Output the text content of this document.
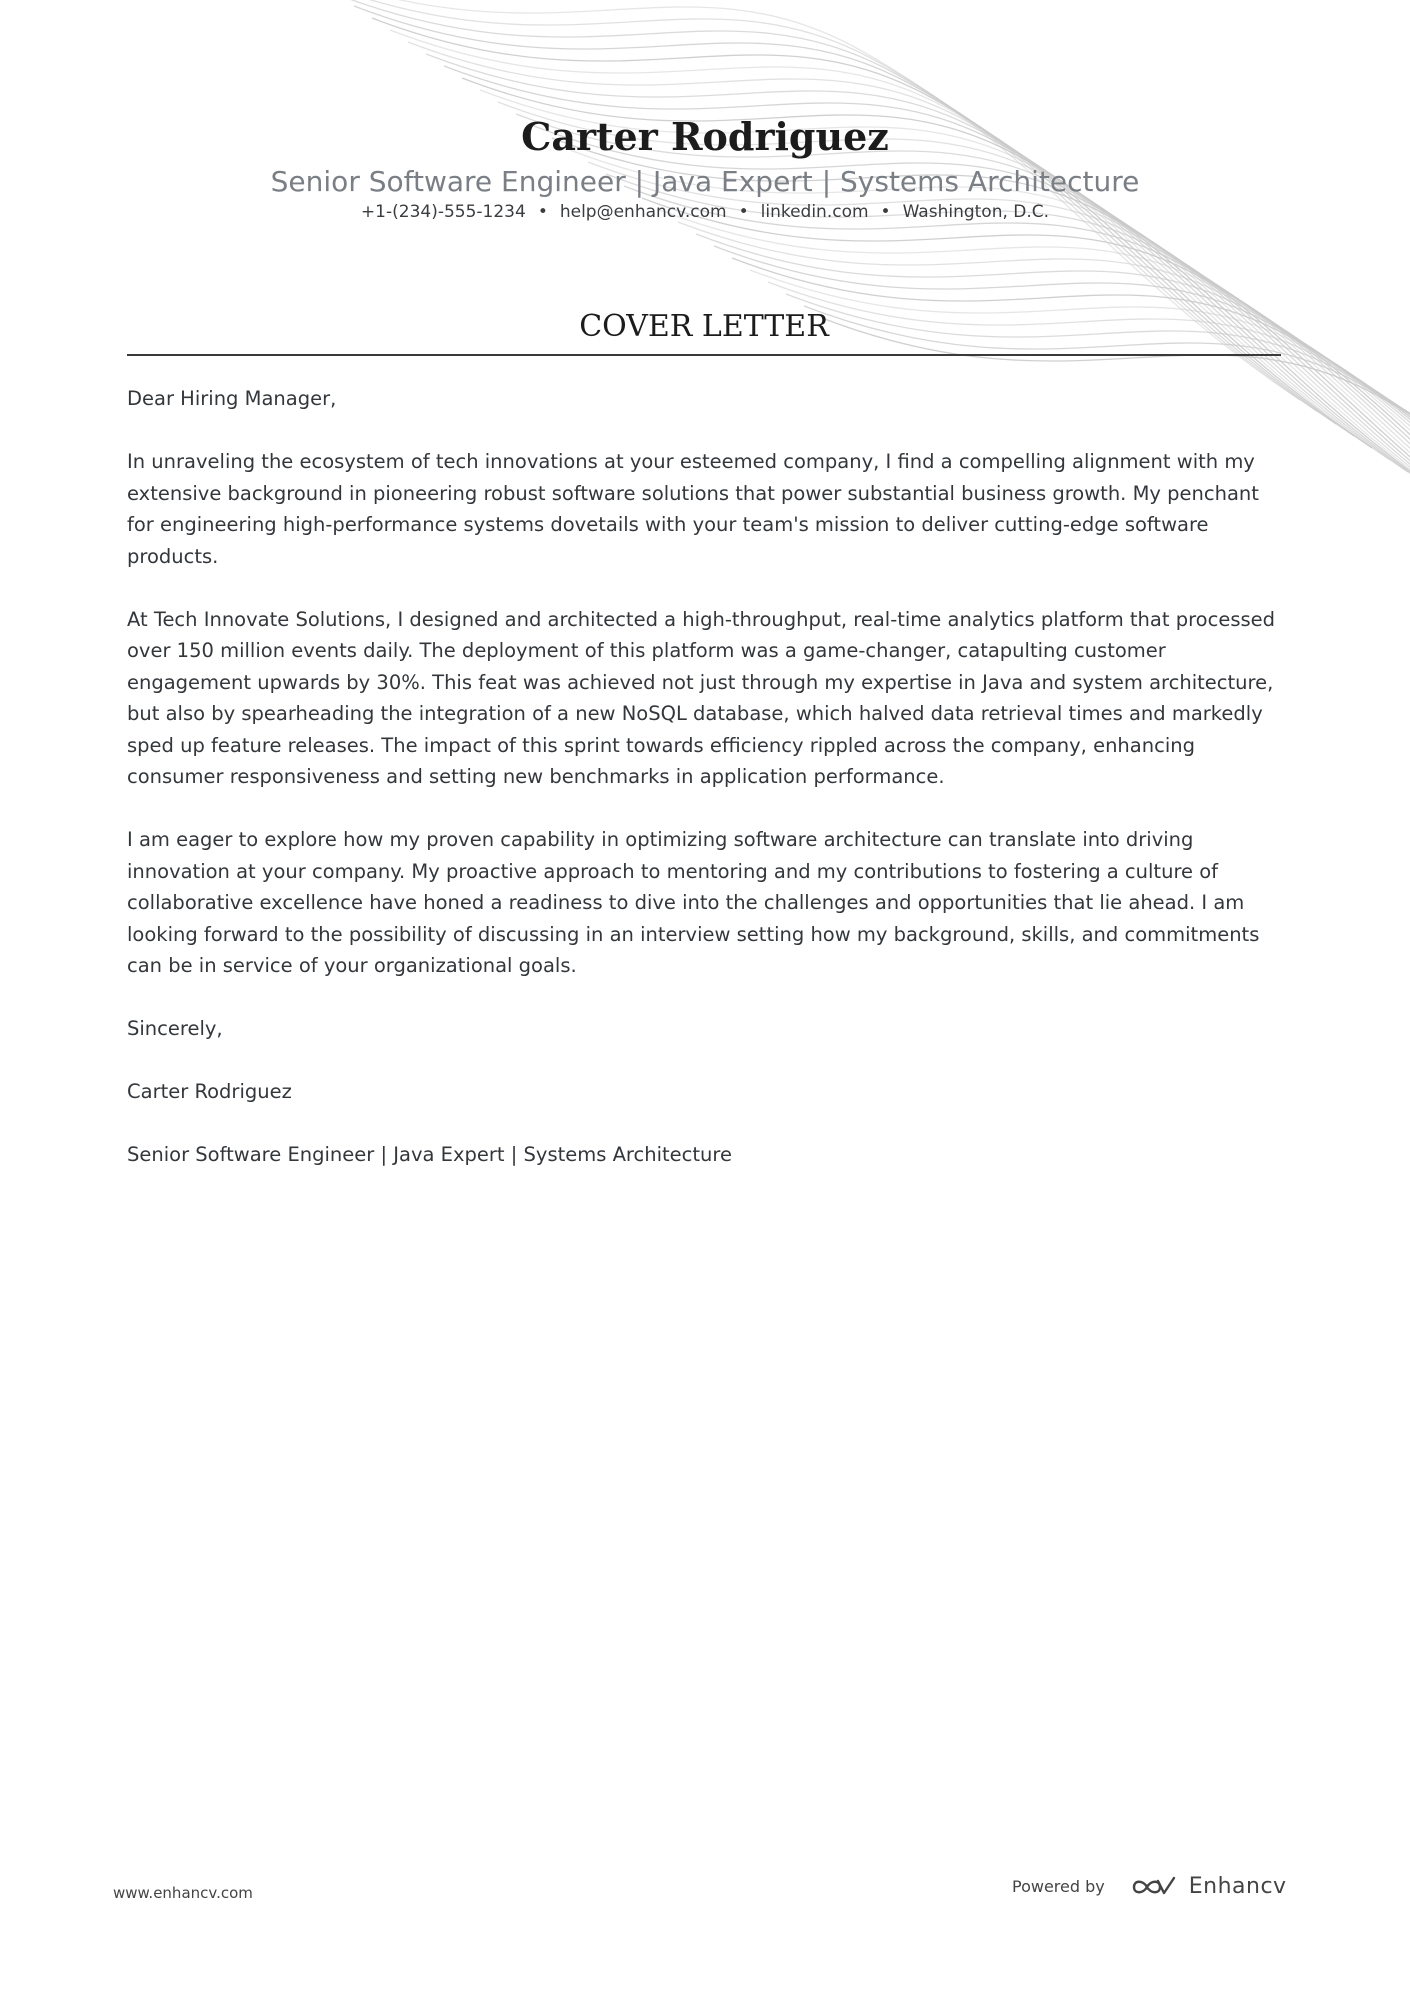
Carter Rodriguez
Senior Software Engineer | Java Expert | Systems Architecture
+1-(234)-555-1234 • help@enhancv.com • linkedin.com • Washington, D.C.
COVER LETTER

Dear Hiring Manager,

In unraveling the ecosystem of tech innovations at your esteemed company, I find a compelling alignment with my extensive background in pioneering robust software solutions that power substantial business growth. My penchant for engineering high-performance systems dovetails with your team's mission to deliver cutting-edge software products.

At Tech Innovate Solutions, I designed and architected a high-throughput, real-time analytics platform that processed over 150 million events daily. The deployment of this platform was a game-changer, catapulting customer engagement upwards by 30%. This feat was achieved not just through my expertise in Java and system architecture, but also by spearheading the integration of a new NoSQL database, which halved data retrieval times and markedly sped up feature releases. The impact of this sprint towards efficiency rippled across the company, enhancing consumer responsiveness and setting new benchmarks in application performance.

I am eager to explore how my proven capability in optimizing software architecture can translate into driving innovation at your company. My proactive approach to mentoring and my contributions to fostering a culture of collaborative excellence have honed a readiness to dive into the challenges and opportunities that lie ahead. I am looking forward to the possibility of discussing in an interview setting how my background, skills, and commitments can be in service of your organizational goals.

Sincerely,

Carter Rodriguez

Senior Software Engineer | Java Expert | Systems Architecture

www.enhancv.com	Powered by	Enhancv
